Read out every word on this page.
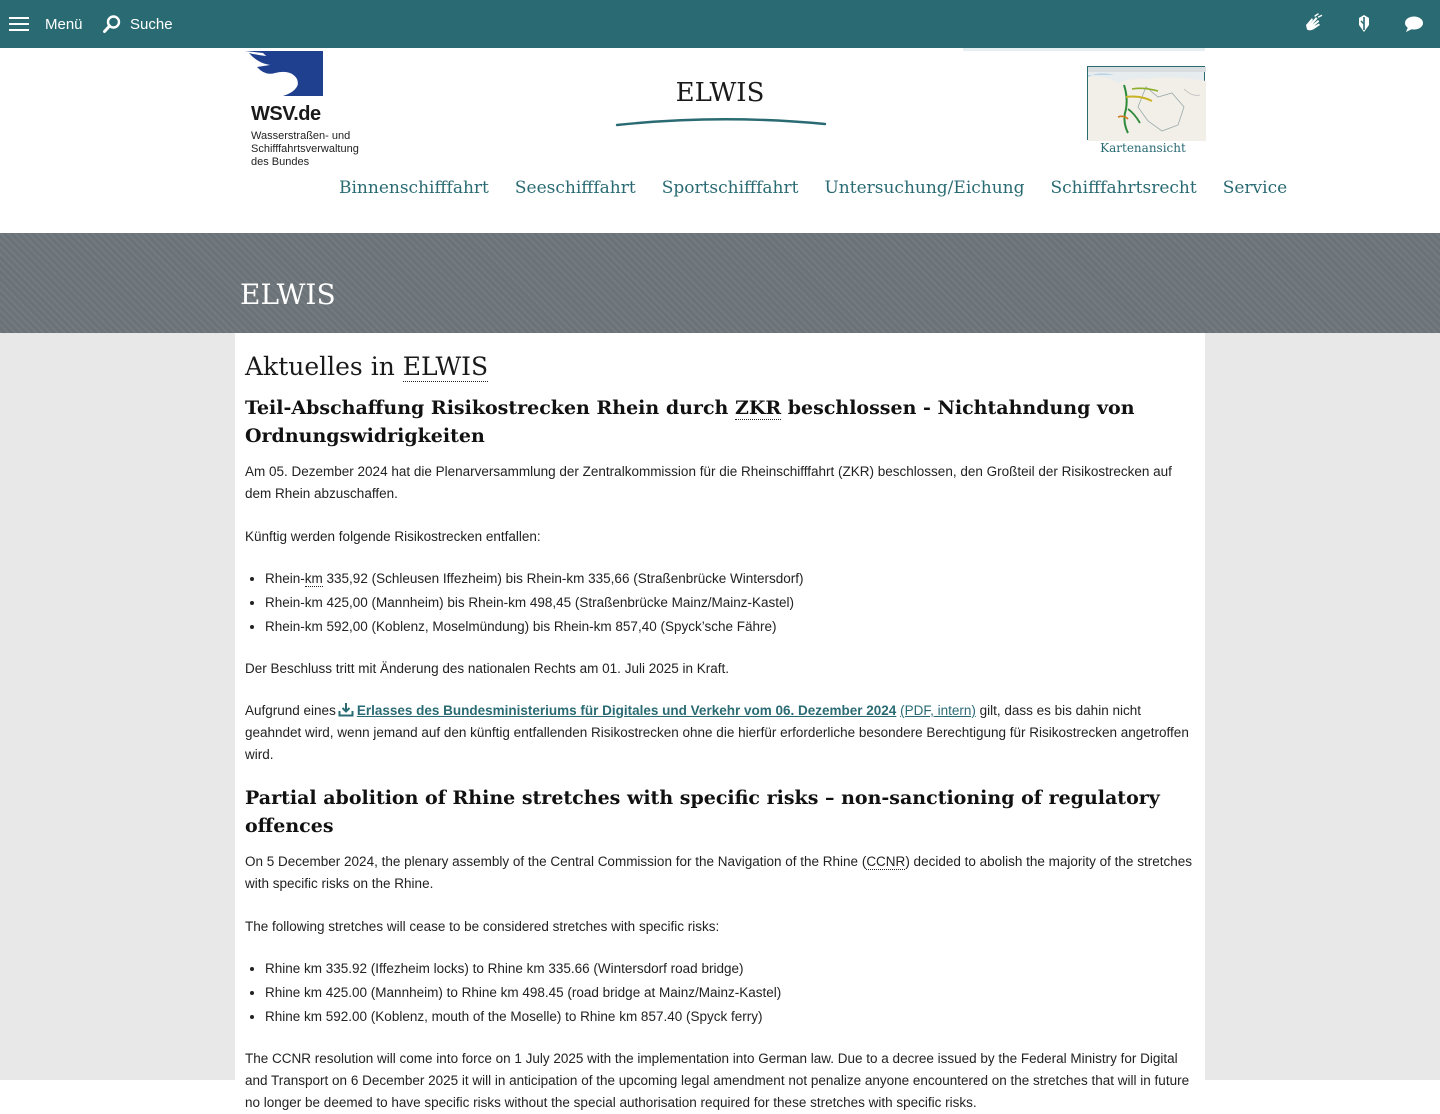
Menü	Suche
WSV.de
Wasserstraßen- und
Schifffahrtsverwaltung
des Bundes
ELWIS
Kartenansicht
Binnenschifffahrt Seeschifffahrt Sportschifffahrt Untersuchung/Eichung Schifffahrtsrecht Service
ELWIS
Aktuelles in ELWIS
Teil-Abschaffung Risikostrecken Rhein durch ZKR beschlossen - Nichtahndung von Ordnungswidrigkeiten

Am 05. Dezember 2024 hat die Plenarversammlung der Zentralkommission für die Rheinschifffahrt (ZKR) beschlossen, den Großteil der Risikostrecken auf dem Rhein abzuschaffen.

Künftig werden folgende Risikostrecken entfallen:

• Rhein-km 335,92 (Schleusen Iffezheim) bis Rhein-km 335,66 (Straßenbrücke Wintersdorf)
• Rhein-km 425,00 (Mannheim) bis Rhein-km 498,45 (Straßenbrücke Mainz/Mainz-Kastel)
• Rhein-km 592,00 (Koblenz, Moselmündung) bis Rhein-km 857,40 (Spyck’sche Fähre)

Der Beschluss tritt mit Änderung des nationalen Rechts am 01. Juli 2025 in Kraft.

Aufgrund eines Erlasses des Bundesministeriums für Digitales und Verkehr vom 06. Dezember 2024 (PDF, intern) gilt, dass es bis dahin nicht geahndet wird, wenn jemand auf den künftig entfallenden Risikostrecken ohne die hierfür erforderliche besondere Berechtigung für Risikostrecken angetroffen wird.

Partial abolition of Rhine stretches with specific risks – non-sanctioning of regulatory offences

On 5 December 2024, the plenary assembly of the Central Commission for the Navigation of the Rhine (CCNR) decided to abolish the majority of the stretches with specific risks on the Rhine.

The following stretches will cease to be considered stretches with specific risks:

• Rhine km 335.92 (Iffezheim locks) to Rhine km 335.66 (Wintersdorf road bridge)
• Rhine km 425.00 (Mannheim) to Rhine km 498.45 (road bridge at Mainz/Mainz-Kastel)
• Rhine km 592.00 (Koblenz, mouth of the Moselle) to Rhine km 857.40 (Spyck ferry)

The CCNR resolution will come into force on 1 July 2025 with the implementation into German law. Due to a decree issued by the Federal Ministry for Digital and Transport on 6 December 2025 it will in anticipation of the upcoming legal amendment not penalize anyone encountered on the stretches that will in future no longer be deemed to have specific risks without the special authorisation required for these stretches with specific risks.
